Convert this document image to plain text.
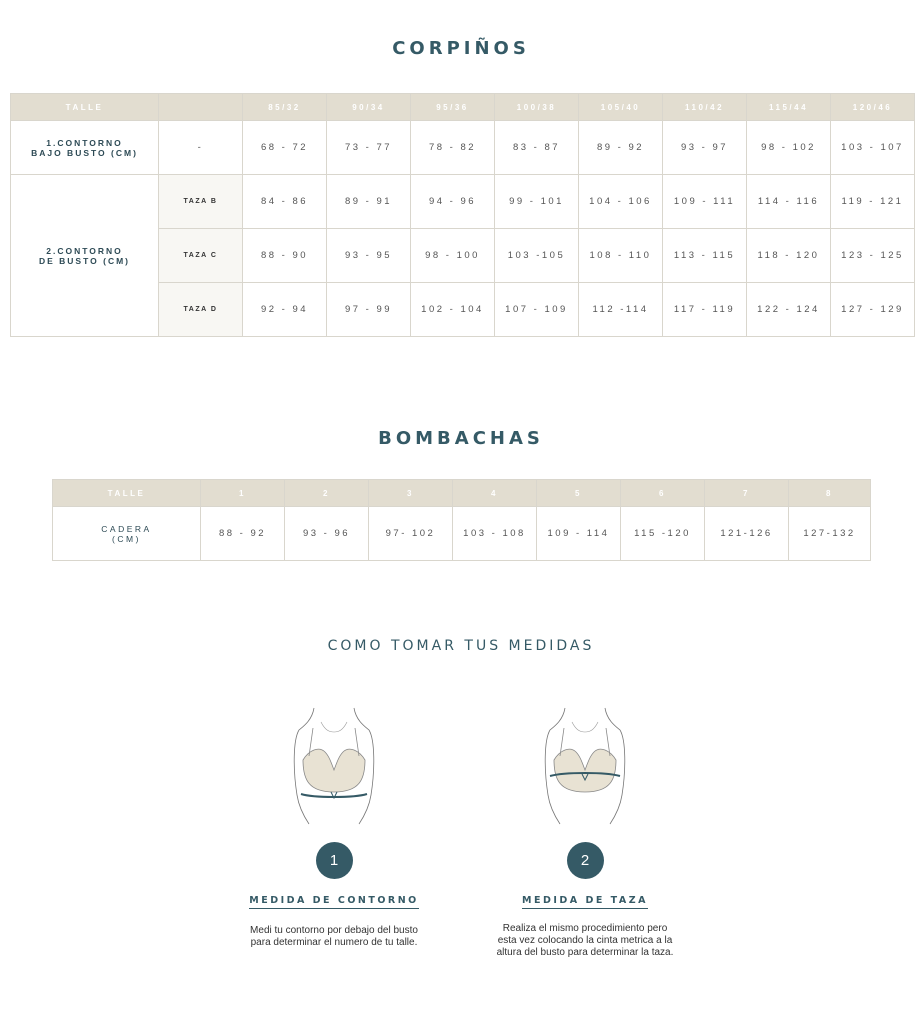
CORPIÑOS
TALLE		85/32	90/34	95/36	100/38	105/40	110/42	115/44	120/46
1.CONTORNO
BAJO BUSTO (CM)	-	68 - 72	73 - 77	78 - 82	83 - 87	89 - 92	93 - 97	98 - 102	103 - 107
2.CONTORNO
DE BUSTO (CM)	TAZA B	84 - 86	89 - 91	94 - 96	99 - 101	104 - 106	109 - 111	114 - 116	119 - 121
	TAZA C	88 - 90	93 - 95	98 - 100	103 -105	108 - 110	113 - 115	118 - 120	123 - 125
	TAZA D	92 - 94	97 - 99	102 - 104	107 - 109	112 -114	117 - 119	122 - 124	127 - 129
BOMBACHAS
TALLE	1	2	3	4	5	6	7	8
CADERA
(CM)	88 - 92	93 - 96	97- 102	103 - 108	109 - 114	115 -120	121-126	127-132
COMO TOMAR TUS MEDIDAS
1
MEDIDA DE CONTORNO
Medi tu contorno por debajo del busto para determinar el numero de tu talle.
2
MEDIDA DE TAZA
Realiza el mismo procedimiento pero esta vez colocando la cinta metrica a la altura del busto para determinar la taza.
